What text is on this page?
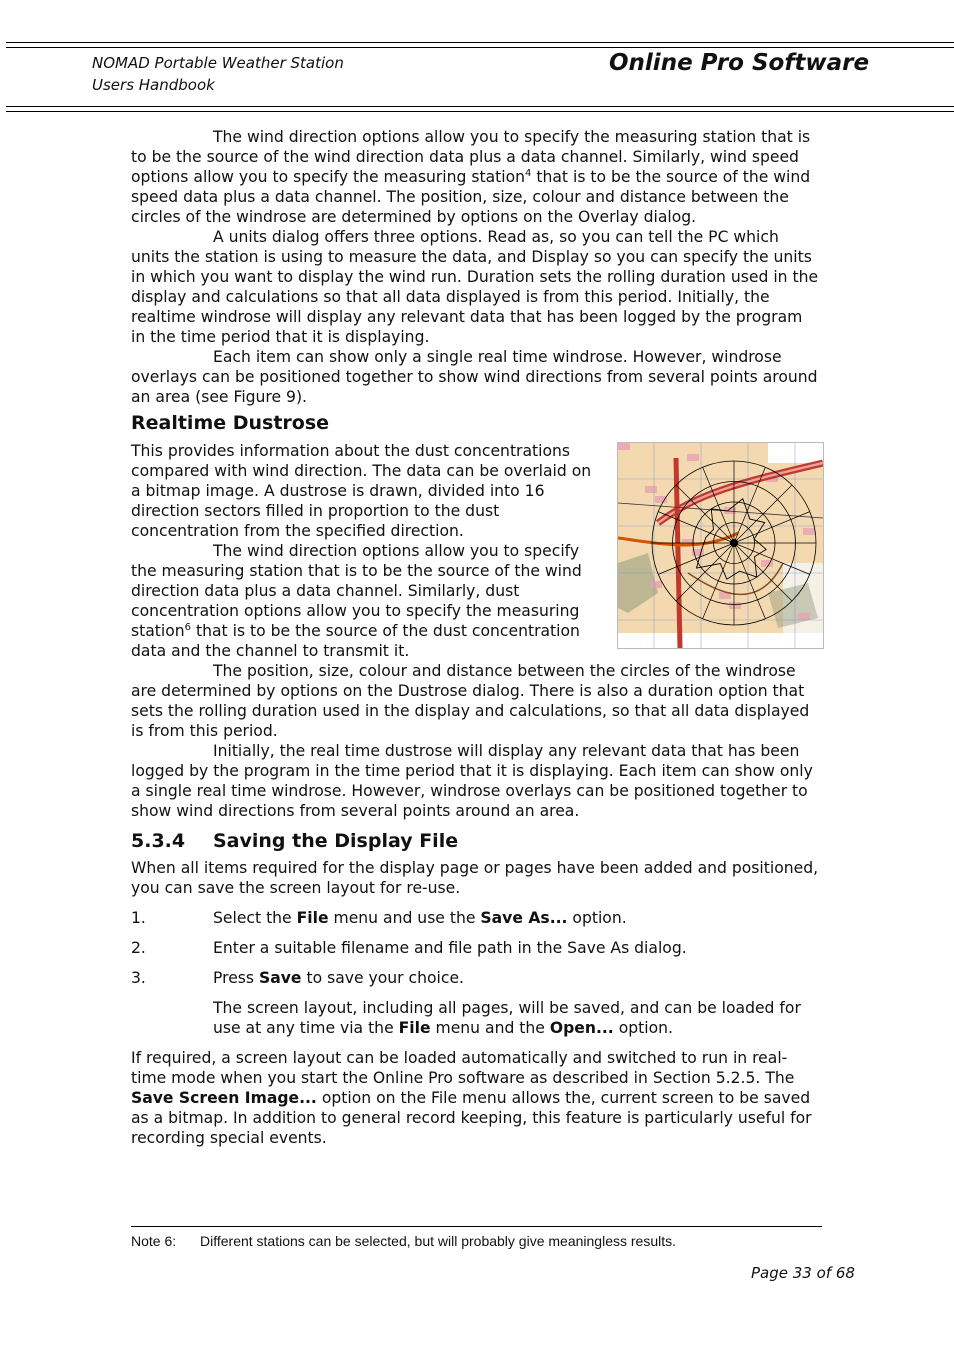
NOMAD Portable Weather Station
Users Handbook
Online Pro Software

The wind direction options allow you to specify the measuring station that is to be the source of the wind direction data plus a data channel. Similarly, wind speed options allow you to specify the measuring station$^4$ that is to be the source of the wind speed data plus a data channel. The position, size, colour and distance between the circles of the windrose are determined by options on the Overlay dialog.

A units dialog offers three options. Read as, so you can tell the PC which units the station is using to measure the data, and Display so you can specify the units in which you want to display the wind run. Duration sets the rolling duration used in the display and calculations so that all data displayed is from this period. Initially, the realtime windrose will display any relevant data that has been logged by the program in the time period that it is displaying.

Each item can show only a single real time windrose. However, windrose overlays can be positioned together to show wind directions from several points around an area (see Figure 9).

Realtime Dustrose

This provides information about the dust concentrations compared with wind direction. The data can be overlaid on a bitmap image. A dustrose is drawn, divided into 16 direction sectors filled in proportion to the dust concentration from the specified direction.

The wind direction options allow you to specify the measuring station that is to be the source of the wind direction data plus a data channel. Similarly, dust concentration options allow you to specify the measuring station$^6$ that is to be the source of the dust concentration data and the channel to transmit it.

The position, size, colour and distance between the circles of the windrose are determined by options on the Dustrose dialog. There is also a duration option that sets the rolling duration used in the display and calculations, so that all data displayed is from this period.

Initially, the real time dustrose will display any relevant data that has been logged by the program in the time period that it is displaying. Each item can show only a single real time windrose. However, windrose overlays can be positioned together to show wind directions from several points around an area.

5.3.4 Saving the Display File

When all items required for the display page or pages have been added and positioned, you can save the screen layout for re-use.

1.	Select the File menu and use the Save As... option.
2.	Enter a suitable filename and file path in the Save As dialog.
3.	Press Save to save your choice.

The screen layout, including all pages, will be saved, and can be loaded for use at any time via the File menu and the Open... option.

If required, a screen layout can be loaded automatically and switched to run in real-time mode when you start the Online Pro software as described in Section 5.2.5. The Save Screen Image... option on the File menu allows the, current screen to be saved as a bitmap. In addition to general record keeping, this feature is particularly useful for recording special events.

Note 6: Different stations can be selected, but will probably give meaningless results.
Page 33 of 68
